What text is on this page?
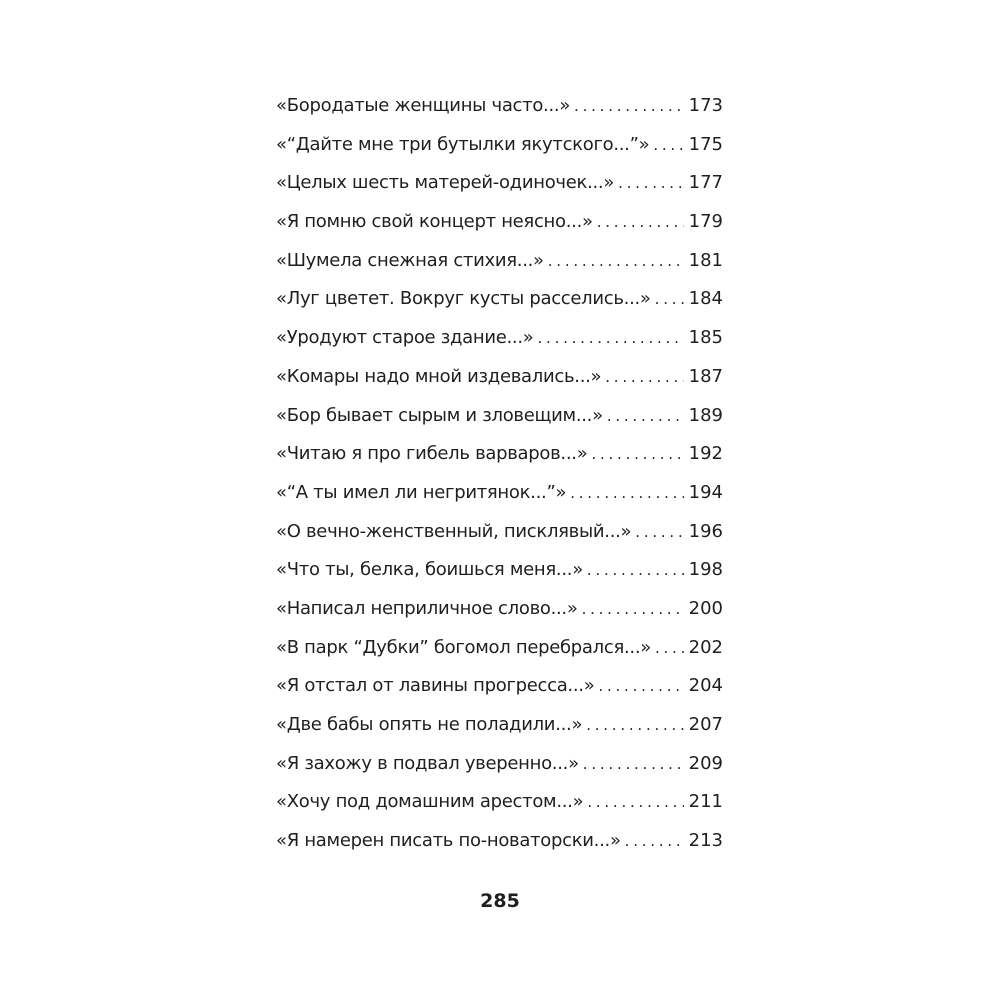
«Бородатые женщины часто...» . . .	173
«“Дайте мне три бутылки якутского...”» . . . 175
«Целых шесть матерей-одиночек...» . . .	177
«Я помню свой концерт неясно...» . . .	179
«Шумела снежная стихия...» . . .	181
«Луг цветет. Вокруг кусты расселись...» . . . 184
«Уродуют старое здание...» . . .	185
«Комары надо мной издевались...» . . .	187
«Бор бывает сырым и зловещим...» . . .	189
«Читаю я про гибель варваров...» . . .	192
«“А ты имел ли негритянок...”» . . .	194
«О вечно-женственный, писклявый...» . . .	196
«Что ты, белка, боишься меня...» . . .	198
«Написал неприличное слово...» . . .	200
«В парк “Дубки” богомол перебрался...» . . . 202
«Я отстал от лавины прогресса...» . . .	204
«Две бабы опять не поладили...» . . .	207
«Я захожу в подвал уверенно...» . . .	209
«Хочу под домашним арестом...» . . .	211
«Я намерен писать по-новаторски...» . . .	213
285
